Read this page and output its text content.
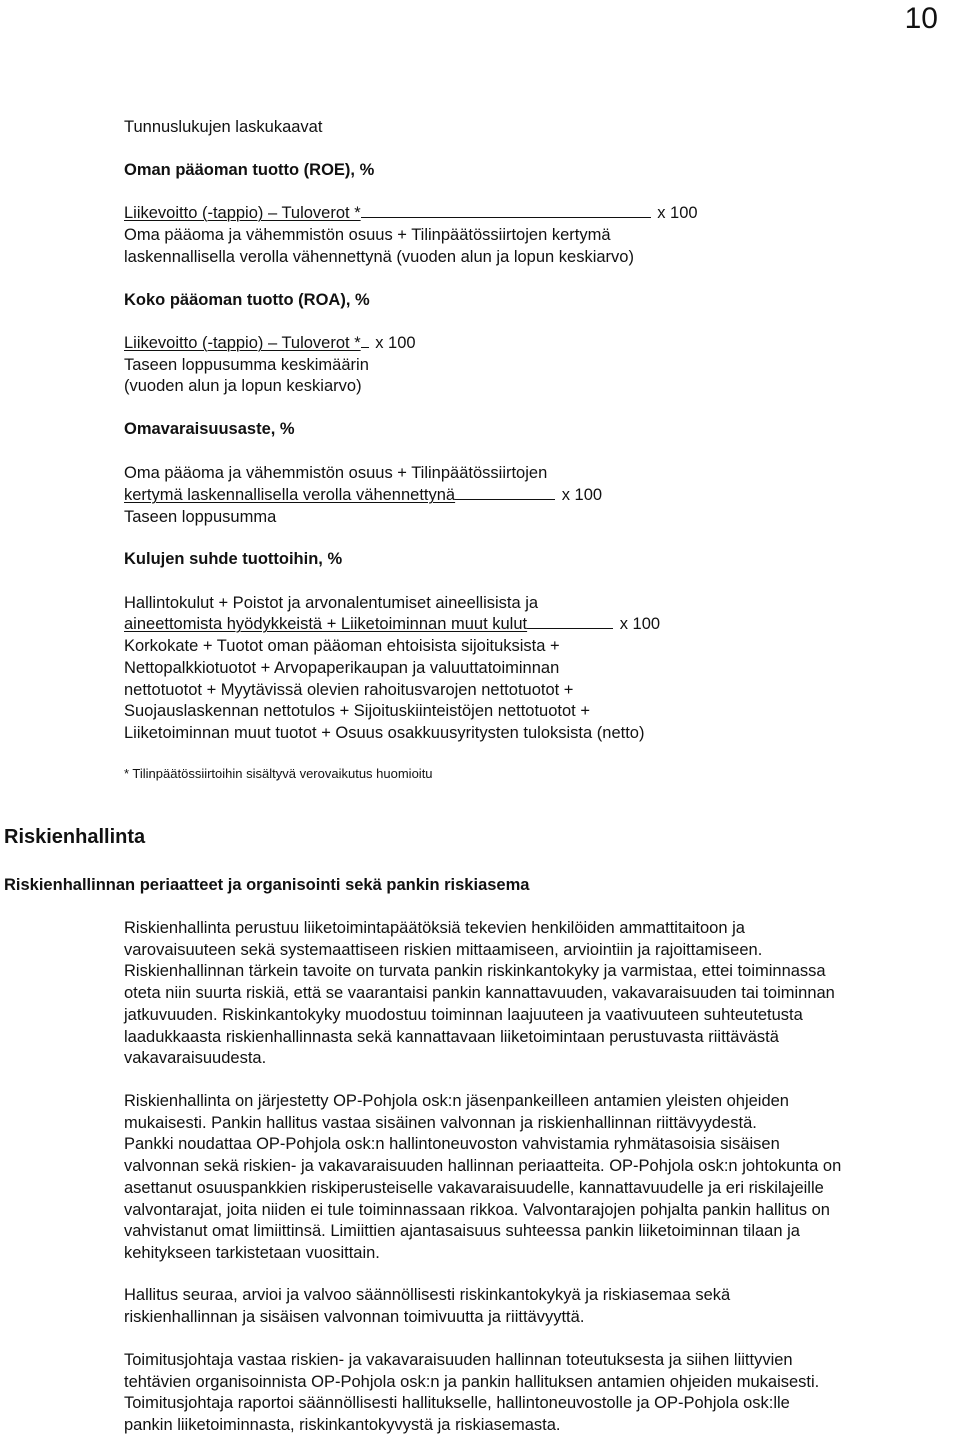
10
Tunnuslukujen laskukaavat
Oman pääoman tuotto (ROE), %
Liikevoitto (-tappio) – Tuloverot *	x 100
Oma pääoma ja vähemmistön osuus + Tilinpäätössiirtojen kertymä
laskennallisella verolla vähennettynä (vuoden alun ja lopun keskiarvo)
Koko pääoman tuotto (ROA), %
Liikevoitto (-tappio) – Tuloverot * x 100
Taseen loppusumma keskimäärin
(vuoden alun ja lopun keskiarvo)
Omavaraisuusaste, %
Oma pääoma ja vähemmistön osuus + Tilinpäätössiirtojen
kertymä laskennallisella verolla vähennettynä	x 100
Taseen loppusumma
Kulujen suhde tuottoihin, %
Hallintokulut + Poistot ja arvonalentumiset aineellisista ja
aineettomista hyödykkeistä + Liiketoiminnan muut kulut	x 100
Korkokate + Tuotot oman pääoman ehtoisista sijoituksista +
Nettopalkkiotuotot + Arvopaperikaupan ja valuuttatoiminnan
nettotuotot + Myytävissä olevien rahoitusvarojen nettotuotot +
Suojauslaskennan nettotulos + Sijoituskiinteistöjen nettotuotot +
Liiketoiminnan muut tuotot + Osuus osakkuusyritysten tuloksista (netto)
* Tilinpäätössiirtoihin sisältyvä verovaikutus huomioitu
Riskienhallinta
Riskienhallinnan periaatteet ja organisointi sekä pankin riskiasema
Riskienhallinta perustuu liiketoimintapäätöksiä tekevien henkilöiden ammattitaitoon ja
varovaisuuteen sekä systemaattiseen riskien mittaamiseen, arviointiin ja rajoittamiseen.
Riskienhallinnan tärkein tavoite on turvata pankin riskinkantokyky ja varmistaa, ettei toiminnassa
oteta niin suurta riskiä, että se vaarantaisi pankin kannattavuuden, vakavaraisuuden tai toiminnan
jatkuvuuden. Riskinkantokyky muodostuu toiminnan laajuuteen ja vaativuuteen suhteutetusta
laadukkaasta riskienhallinnasta sekä kannattavaan liiketoimintaan perustuvasta riittävästä
vakavaraisuudesta.
Riskienhallinta on järjestetty OP-Pohjola osk:n jäsenpankeilleen antamien yleisten ohjeiden
mukaisesti. Pankin hallitus vastaa sisäinen valvonnan ja riskienhallinnan riittävyydestä.
Pankki noudattaa OP-Pohjola osk:n hallintoneuvoston vahvistamia ryhmätasoisia sisäisen
valvonnan sekä riskien- ja vakavaraisuuden hallinnan periaatteita. OP-Pohjola osk:n johtokunta on
asettanut osuuspankkien riskiperusteiselle vakavaraisuudelle, kannattavuudelle ja eri riskilajeille
valvontarajat, joita niiden ei tule toiminnassaan rikkoa. Valvontarajojen pohjalta pankin hallitus on
vahvistanut omat limiittinsä. Limiittien ajantasaisuus suhteessa pankin liiketoiminnan tilaan ja
kehitykseen tarkistetaan vuosittain.
Hallitus seuraa, arvioi ja valvoo säännöllisesti riskinkantokykyä ja riskiasemaa sekä
riskienhallinnan ja sisäisen valvonnan toimivuutta ja riittävyyttä.
Toimitusjohtaja vastaa riskien- ja vakavaraisuuden hallinnan toteutuksesta ja siihen liittyvien
tehtävien organisoinnista OP-Pohjola osk:n ja pankin hallituksen antamien ohjeiden mukaisesti.
Toimitusjohtaja raportoi säännöllisesti hallitukselle, hallintoneuvostolle ja OP-Pohjola osk:lle
pankin liiketoiminnasta, riskinkantokyvystä ja riskiasemasta.
